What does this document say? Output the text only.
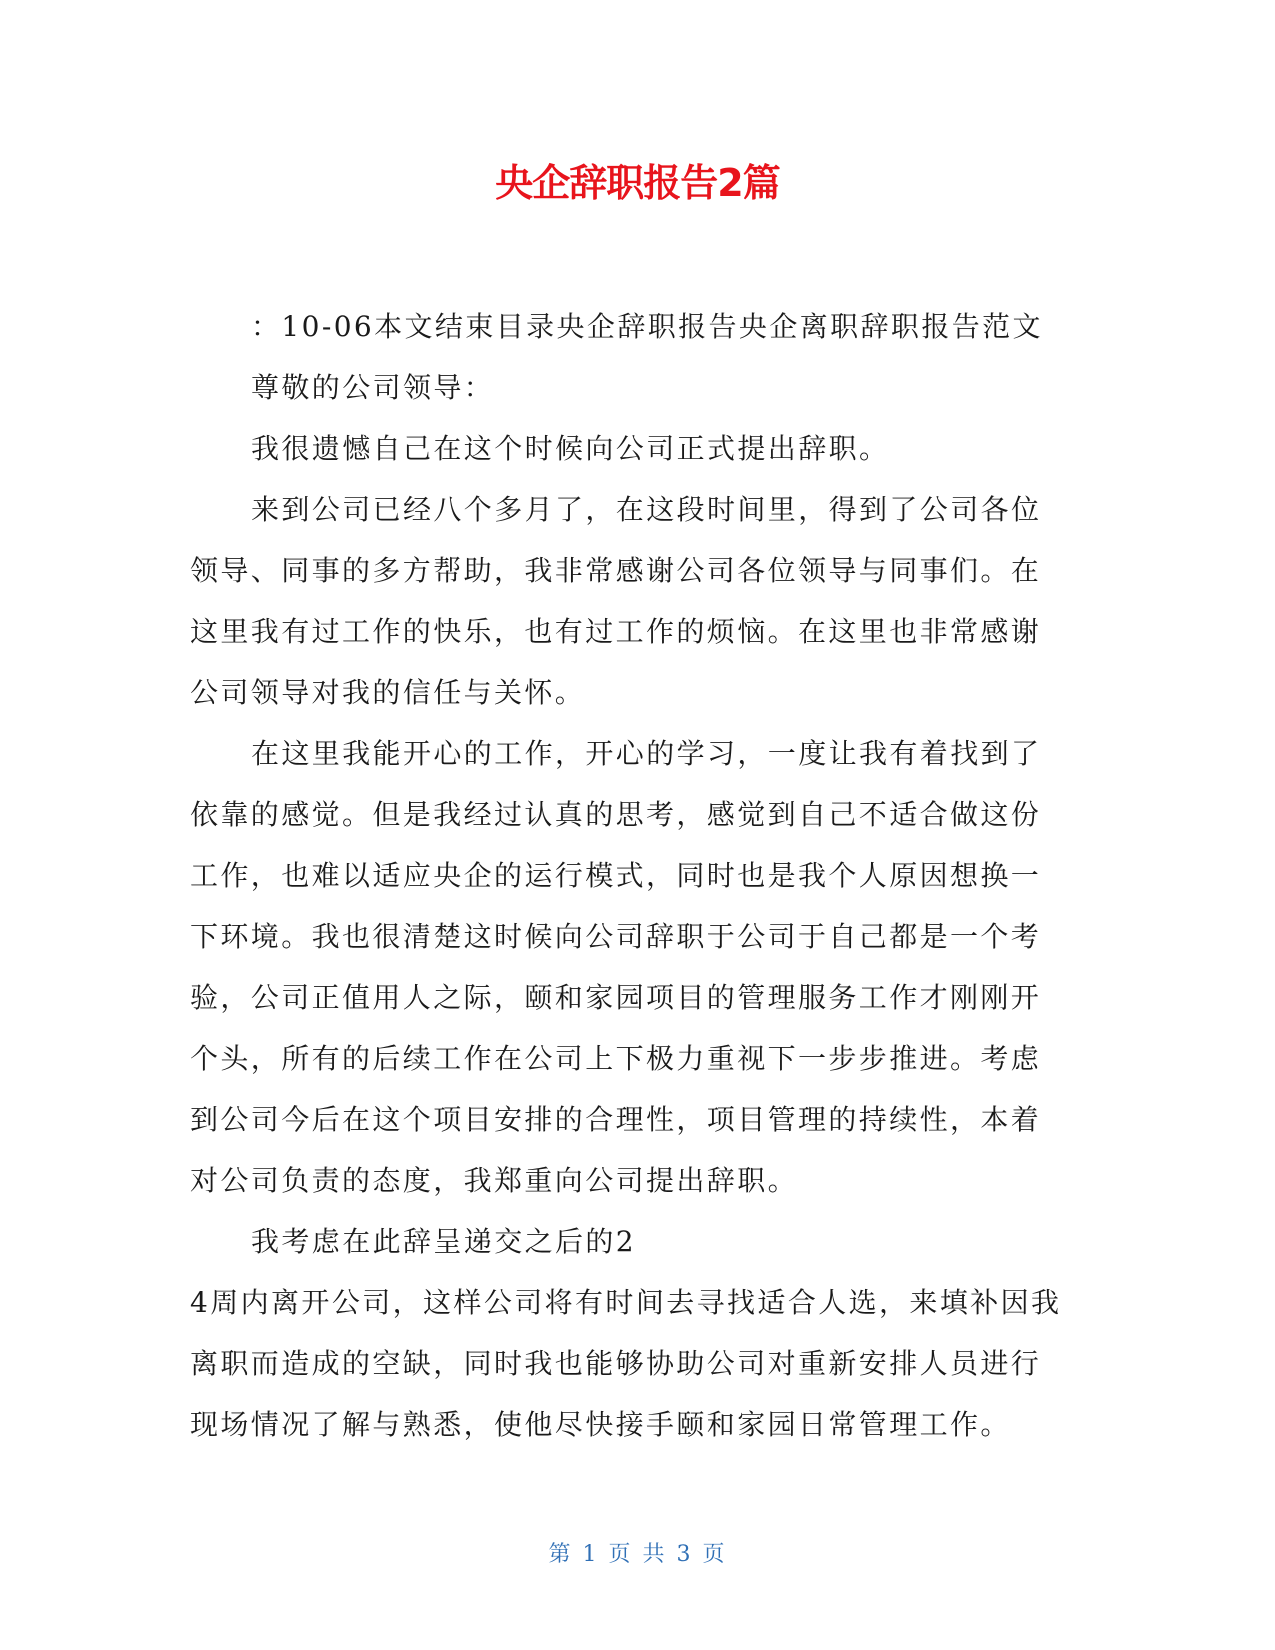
央企辞职报告2篇

：10-06本文结束目录央企辞职报告央企离职辞职报告范文

尊敬的公司领导：

我很遗憾自己在这个时候向公司正式提出辞职。

来到公司已经八个多月了，在这段时间里，得到了公司各位

领导、同事的多方帮助，我非常感谢公司各位领导与同事们。在

这里我有过工作的快乐，也有过工作的烦恼。在这里也非常感谢

公司领导对我的信任与关怀。

在这里我能开心的工作，开心的学习，一度让我有着找到了

依靠的感觉。但是我经过认真的思考，感觉到自己不适合做这份

工作，也难以适应央企的运行模式，同时也是我个人原因想换一

下环境。我也很清楚这时候向公司辞职于公司于自己都是一个考

验，公司正值用人之际，颐和家园项目的管理服务工作才刚刚开

个头，所有的后续工作在公司上下极力重视下一步步推进。考虑

到公司今后在这个项目安排的合理性，项目管理的持续性，本着

对公司负责的态度，我郑重向公司提出辞职。

我考虑在此辞呈递交之后的2

4周内离开公司，这样公司将有时间去寻找适合人选，来填补因我

离职而造成的空缺，同时我也能够协助公司对重新安排人员进行

现场情况了解与熟悉，使他尽快接手颐和家园日常管理工作。

第 1 页 共 3 页
